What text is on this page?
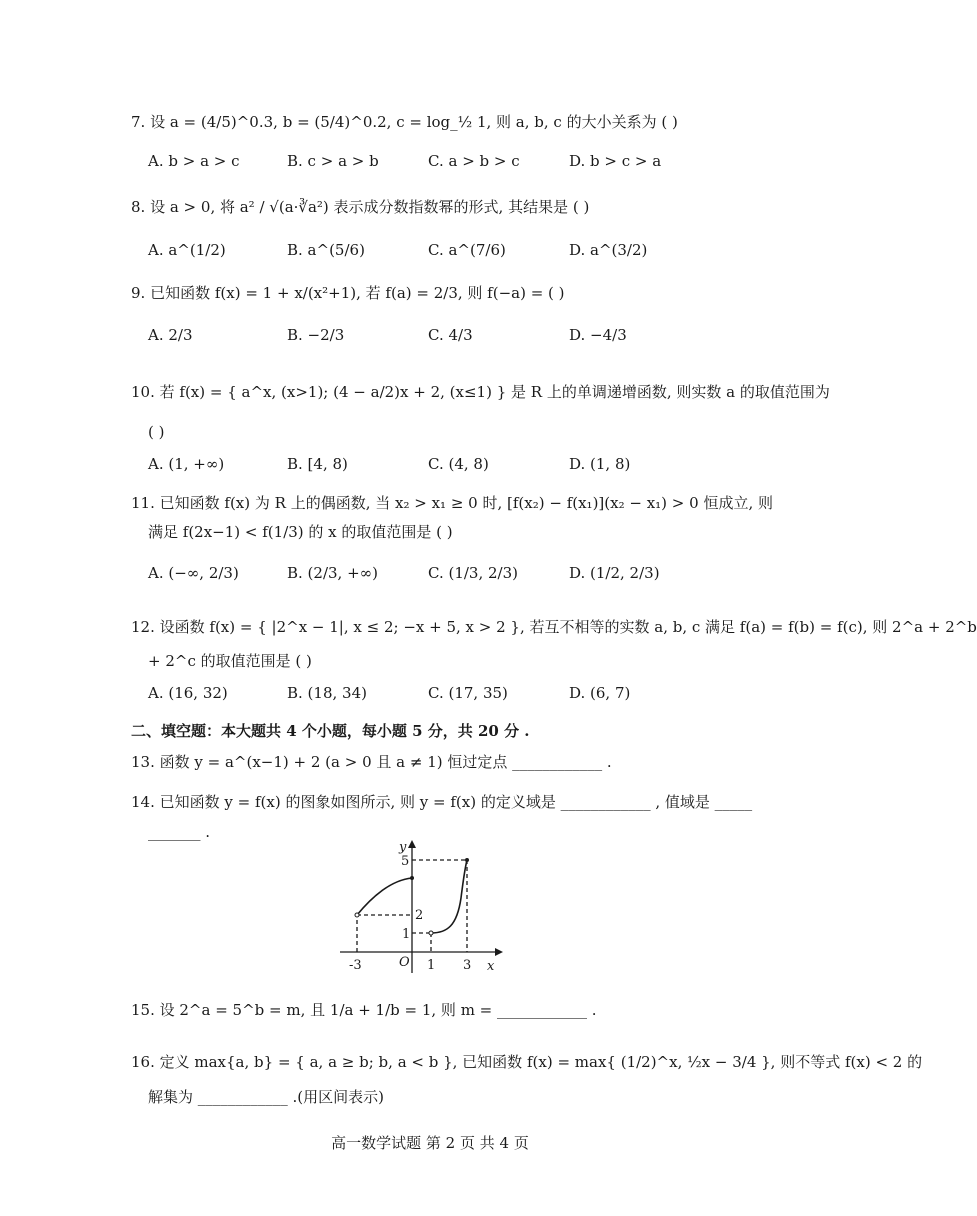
7. 设 a = (4/5)^0.3, b = (5/4)^0.2, c = log_½ 1, 则 a, b, c 的大小关系为 ( )
A. b > a > c	B. c > a > b	C. a > b > c	D. b > c > a
8. 设 a > 0, 将 a² / √(a·∛a²) 表示成分数指数幂的形式, 其结果是 ( )
A. a^(1/2)	B. a^(5/6)	C. a^(7/6)	D. a^(3/2)
9. 已知函数 f(x) = 1 + x/(x²+1), 若 f(a) = 2/3, 则 f(−a) = ( )
A. 2/3	B. −2/3	C. 4/3	D. −4/3
10. 若 f(x) = { a^x, (x>1); (4 − a/2)x + 2, (x≤1) } 是 R 上的单调递增函数, 则实数 a 的取值范围为
( )
A. (1, +∞)	B. [4, 8)	C. (4, 8)	D. (1, 8)
11. 已知函数 f(x) 为 R 上的偶函数, 当 x₂ > x₁ ≥ 0 时, [f(x₂) − f(x₁)](x₂ − x₁) > 0 恒成立, 则
满足 f(2x−1) < f(1/3) 的 x 的取值范围是 ( )
A. (−∞, 2/3)	B. (2/3, +∞)	C. (1/3, 2/3)	D. (1/2, 2/3)
12. 设函数 f(x) = { |2^x − 1|, x ≤ 2; −x + 5, x > 2 }, 若互不相等的实数 a, b, c 满足 f(a) = f(b) = f(c), 则 2^a + 2^b
+ 2^c 的取值范围是 ( )
A. (16, 32)	B. (18, 34)	C. (17, 35)	D. (6, 7)
二、填空题：本大题共 4 个小题，每小题 5 分，共 20 分 .
13. 函数 y = a^(x−1) + 2 (a > 0 且 a ≠ 1) 恒过定点 ____________ .
14. 已知函数 y = f(x) 的图象如图所示, 则 y = f(x) 的定义域是 ____________ , 值域是 _____
_______ .
y
x
O
-3	1 3
1
2
5
15. 设 2^a = 5^b = m, 且 1/a + 1/b = 1, 则 m = ____________ .
16. 定义 max{a, b} = { a, a ≥ b; b, a < b }, 已知函数 f(x) = max{ (1/2)^x, ½x − 3/4 }, 则不等式 f(x) < 2 的
解集为 ____________ .(用区间表示)
高一数学试题 第 2 页 共 4 页
